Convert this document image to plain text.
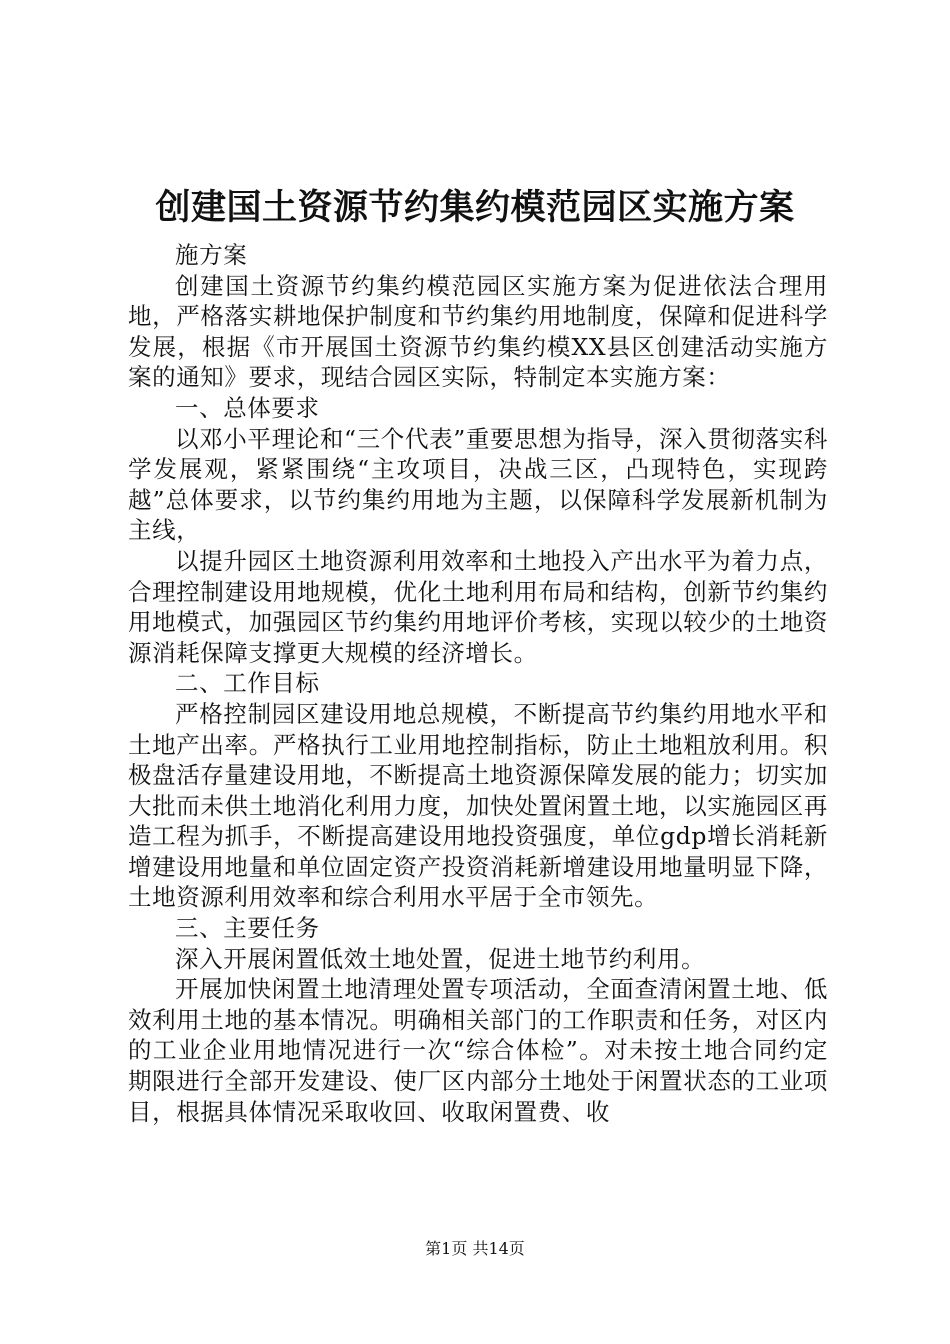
创建国土资源节约集约模范园区实施方案

施方案

创建国土资源节约集约模范园区实施方案为促进依法合理用地，严格落实耕地保护制度和节约集约用地制度，保障和促进科学发展，根据《市开展国土资源节约集约模XX县区创建活动实施方案的通知》要求，现结合园区实际，特制定本实施方案：

一、总体要求

以邓小平理论和“三个代表”重要思想为指导，深入贯彻落实科学发展观，紧紧围绕“主攻项目，决战三区，凸现特色，实现跨越”总体要求，以节约集约用地为主题，以保障科学发展新机制为主线，

以提升园区土地资源利用效率和土地投入产出水平为着力点，合理控制建设用地规模，优化土地利用布局和结构，创新节约集约用地模式，加强园区节约集约用地评价考核，实现以较少的土地资源消耗保障支撑更大规模的经济增长。

二、工作目标

严格控制园区建设用地总规模，不断提高节约集约用地水平和土地产出率。严格执行工业用地控制指标，防止土地粗放利用。积极盘活存量建设用地，不断提高土地资源保障发展的能力；切实加大批而未供土地消化利用力度，加快处置闲置土地，以实施园区再造工程为抓手，不断提高建设用地投资强度，单位gdp增长消耗新增建设用地量和单位固定资产投资消耗新增建设用地量明显下降，土地资源利用效率和综合利用水平居于全市领先。

三、主要任务

深入开展闲置低效土地处置，促进土地节约利用。

开展加快闲置土地清理处置专项活动，全面查清闲置土地、低效利用土地的基本情况。明确相关部门的工作职责和任务，对区内的工业企业用地情况进行一次“综合体检”。对未按土地合同约定期限进行全部开发建设、使厂区内部分土地处于闲置状态的工业项目，根据具体情况采取收回、收取闲置费、收

第1页 共14页
